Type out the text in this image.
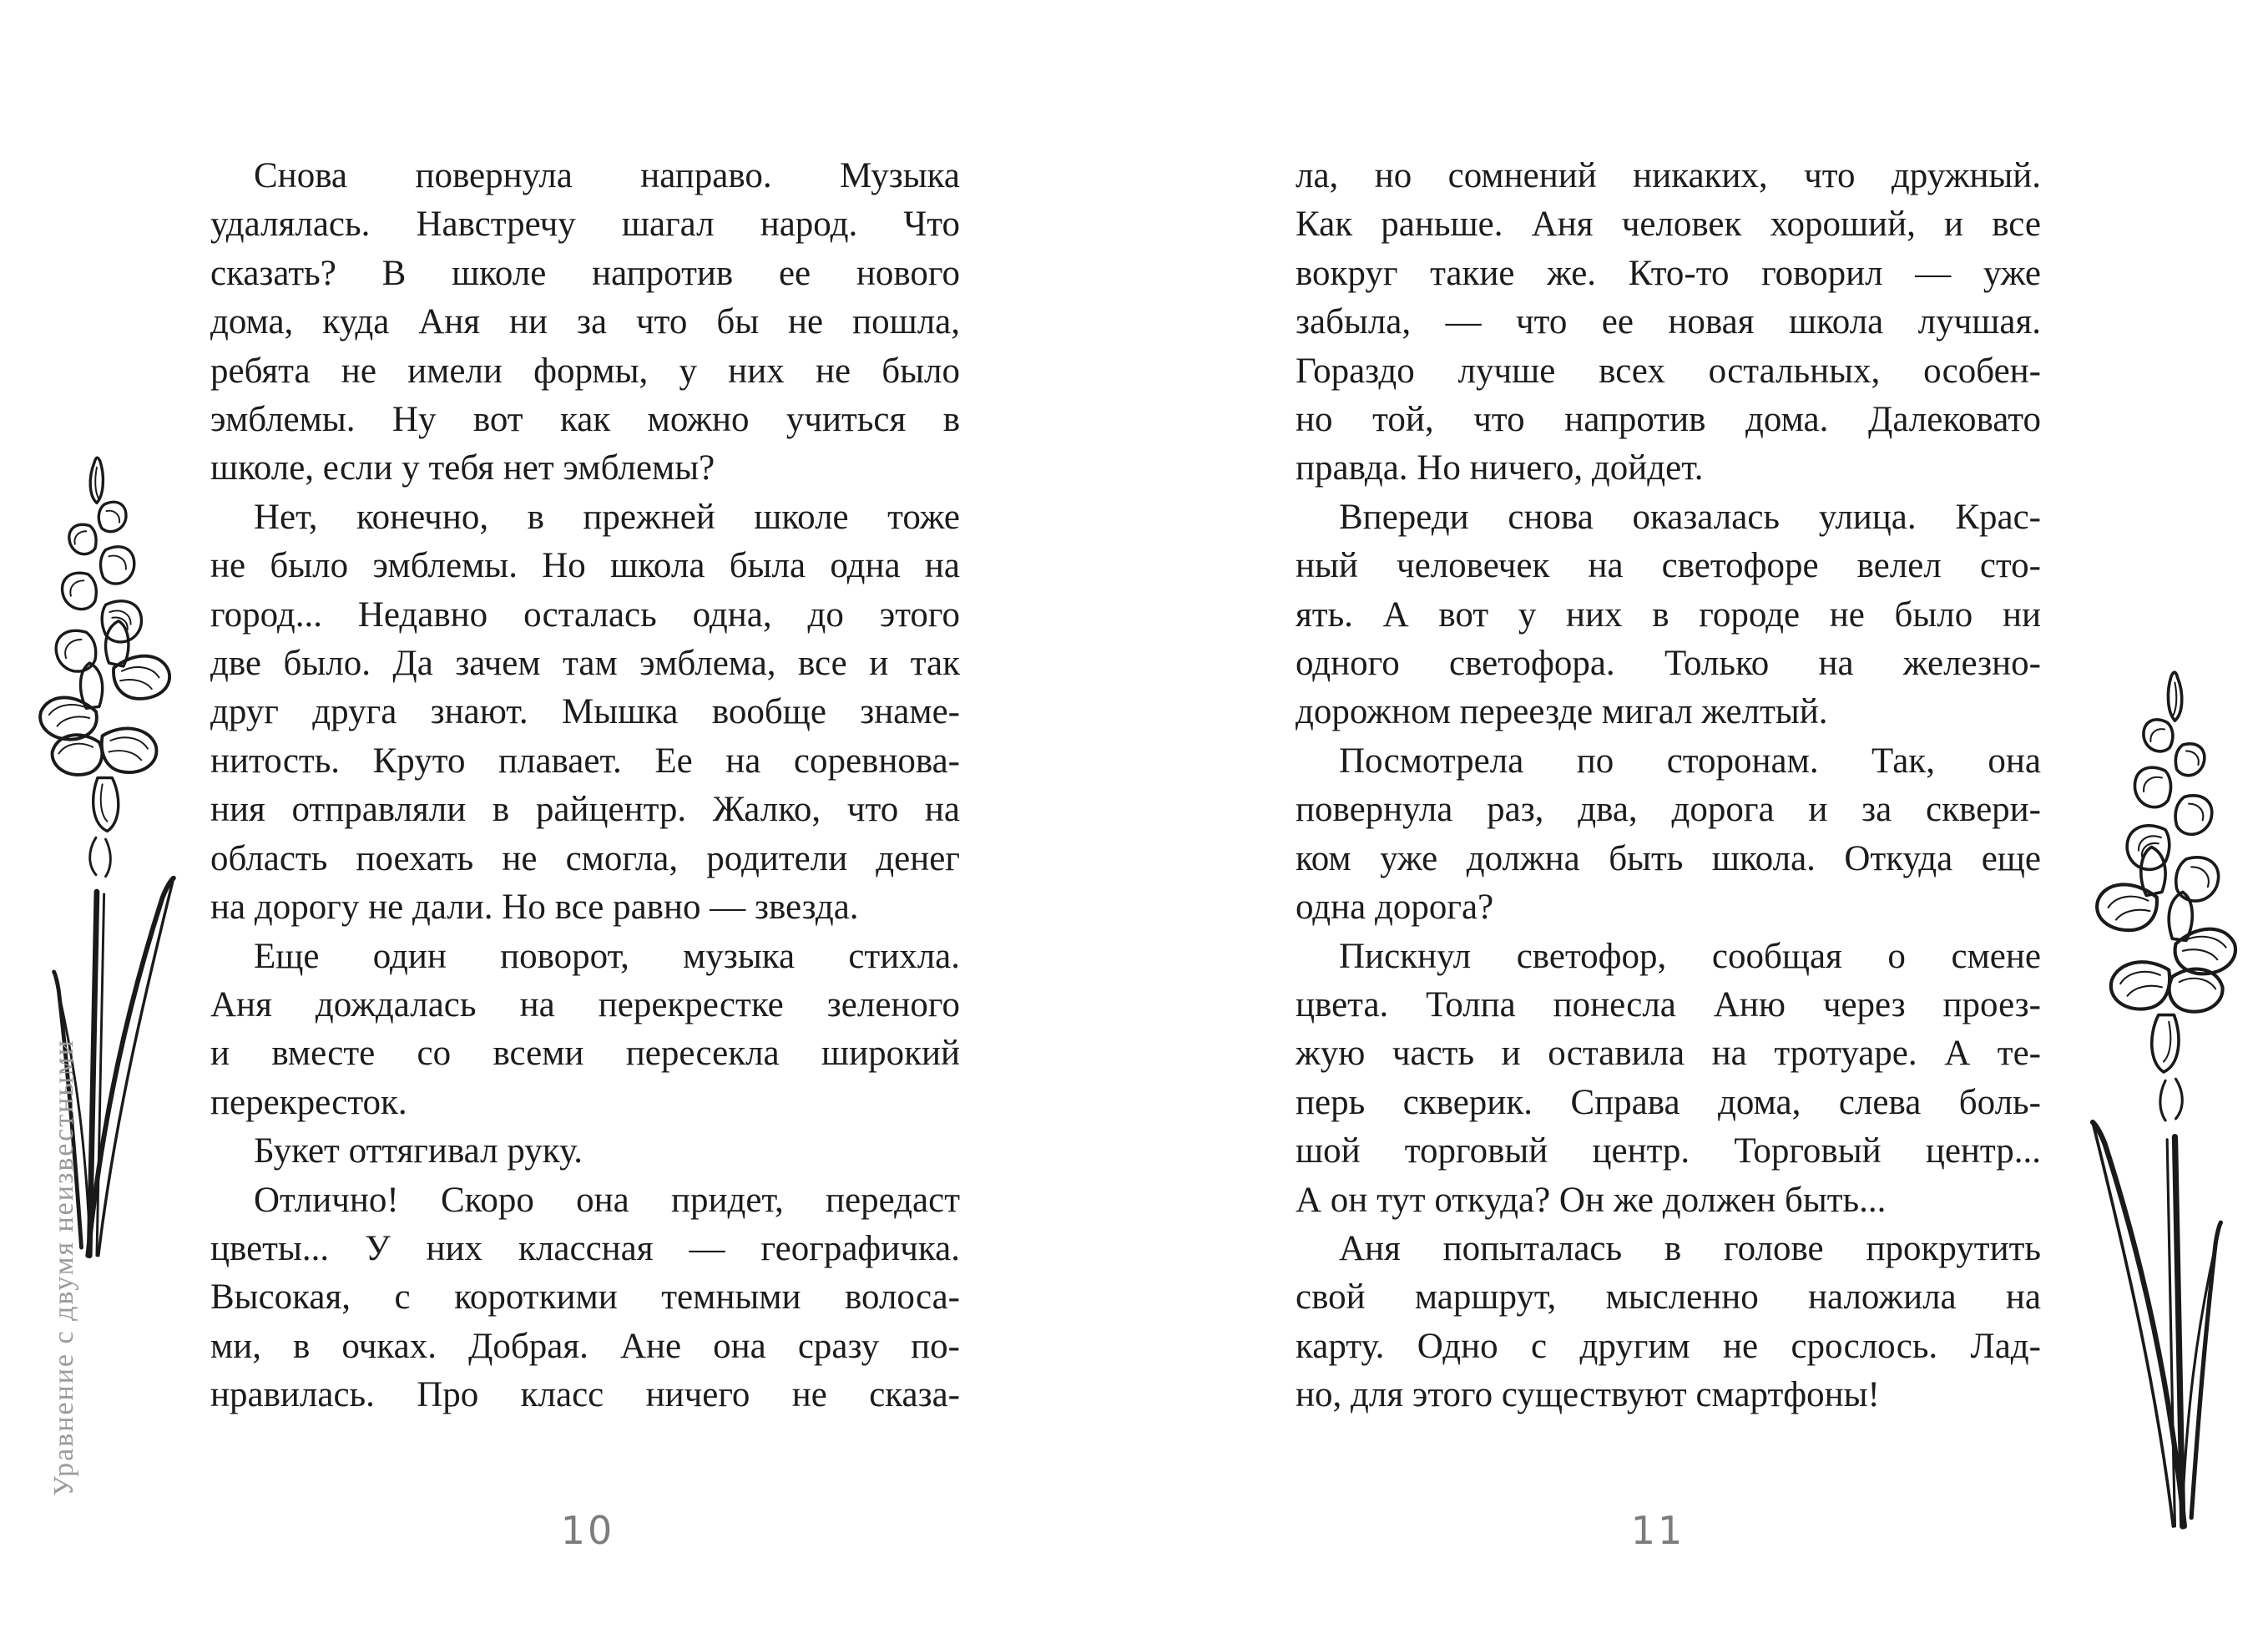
Уравнение с двумя неизвестными
Снова повернула направо. Музыка
удалялась. Навстречу шагал народ. Что
сказать? В школе напротив ее нового
дома, куда Аня ни за что бы не пошла,
ребята не имели формы, у них не было
эмблемы. Ну вот как можно учиться в
школе, если у тебя нет эмблемы?
Нет, конечно, в прежней школе тоже
не было эмблемы. Но школа была одна на
город... Недавно осталась одна, до этого
две было. Да зачем там эмблема, все и так
друг друга знают. Мышка вообще знаме-
нитость. Круто плавает. Ее на соревнова-
ния отправляли в райцентр. Жалко, что на
область поехать не смогла, родители денег
на дорогу не дали. Но все равно — звезда.
Еще один поворот, музыка стихла.
Аня дождалась на перекрестке зеленого
и вместе со всеми пересекла широкий
перекресток.
Букет оттягивал руку.
Отлично! Скоро она придет, передаст
цветы... У них классная — географичка.
Высокая, с короткими темными волоса-
ми, в очках. Добрая. Ане она сразу по-
нравилась. Про класс ничего не сказа-
ла, но сомнений никаких, что дружный.
Как раньше. Аня человек хороший, и все
вокруг такие же. Кто-то говорил — уже
забыла, — что ее новая школа лучшая.
Гораздо лучше всех остальных, особен-
но той, что напротив дома. Далековато
правда. Но ничего, дойдет.
Впереди снова оказалась улица. Крас-
ный человечек на светофоре велел сто-
ять. А вот у них в городе не было ни
одного светофора. Только на железно-
дорожном переезде мигал желтый.
Посмотрела по сторонам. Так, она
повернула раз, два, дорога и за сквери-
ком уже должна быть школа. Откуда еще
одна дорога?
Пискнул светофор, сообщая о смене
цвета. Толпа понесла Аню через проез-
жую часть и оставила на тротуаре. А те-
перь скверик. Справа дома, слева боль-
шой торговый центр. Торговый центр...
А он тут откуда? Он же должен быть...
Аня попыталась в голове прокрутить
свой маршрут, мысленно наложила на
карту. Одно с другим не срослось. Лад-
но, для этого существуют смартфоны!
10	11
